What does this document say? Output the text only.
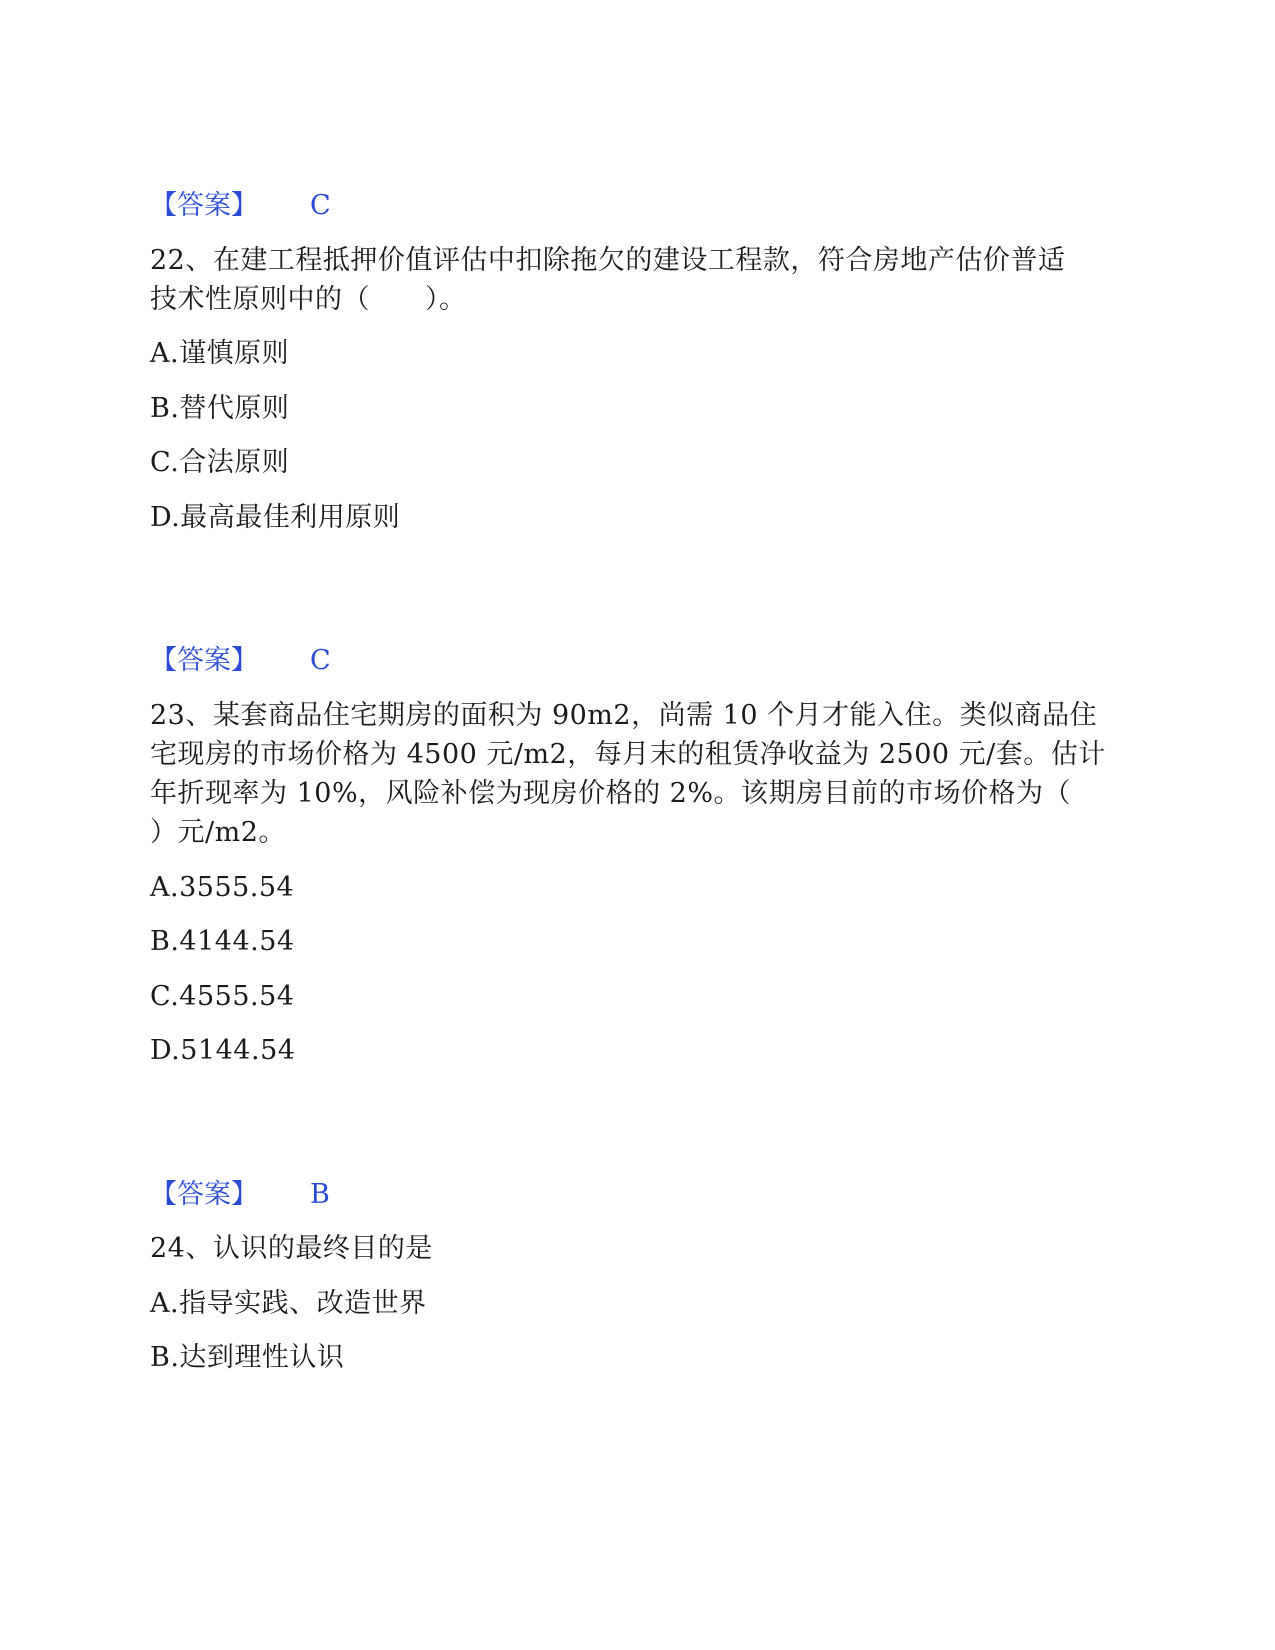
【答案】 C
22、在建工程抵押价值评估中扣除拖欠的建设工程款，符合房地产估价普适
技术性原则中的（　　）。
A.谨慎原则
B.替代原则
C.合法原则
D.最高最佳利用原则
【答案】 C
23、某套商品住宅期房的面积为 90m2，尚需 10 个月才能入住。类似商品住
宅现房的市场价格为 4500 元/m2，每月末的租赁净收益为 2500 元/套。估计
年折现率为 10%，风险补偿为现房价格的 2%。该期房目前的市场价格为（
）元/m2。
A.3555.54
B.4144.54
C.4555.54
D.5144.54
【答案】 B
24、认识的最终目的是
A.指导实践、改造世界
B.达到理性认识
